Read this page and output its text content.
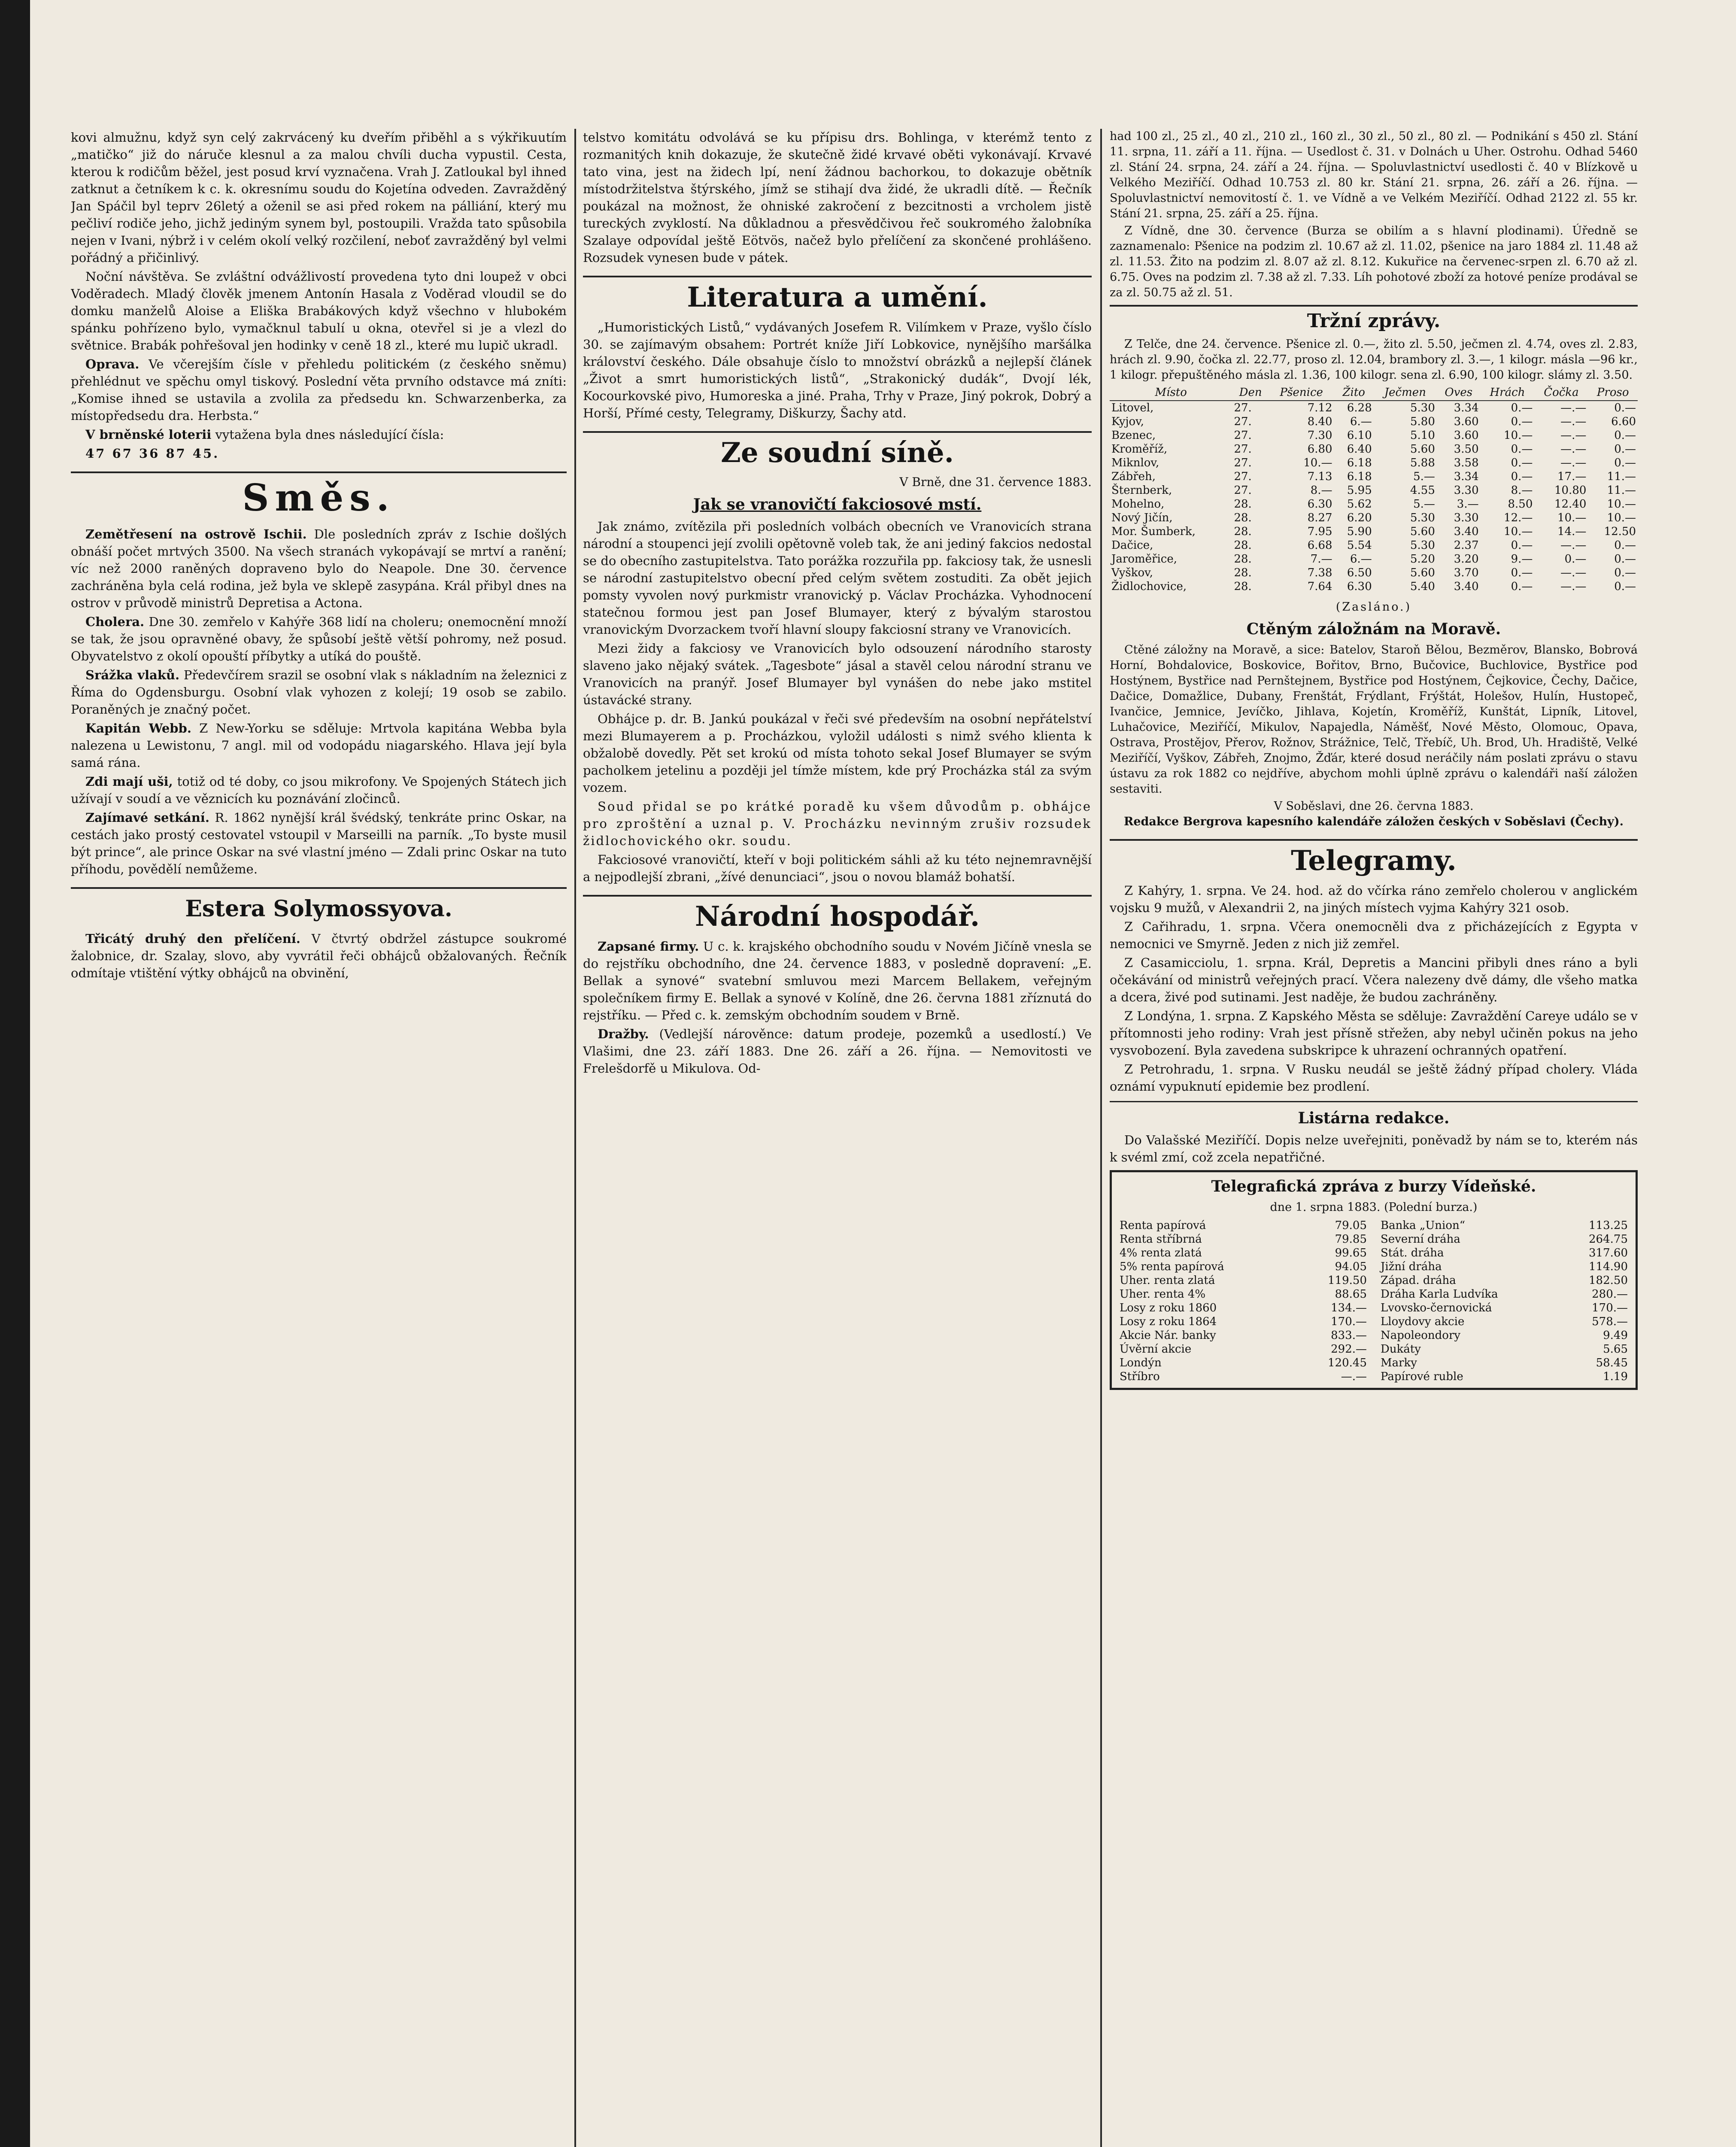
kovi almužnu, když syn celý zakrvácený ku dveřím přiběhl a s výkřikuutím „matičko“ již do náruče klesnul a za malou chvíli ducha vypustil. Cesta, kterou k rodičům běžel, jest posud krví vyznačena. Vrah J. Zatloukal byl ihned zatknut a četníkem k c. k. okresnímu soudu do Kojetína odveden. Zavražděný Jan Spáčil byl teprv 26letý a oženil se asi před rokem na pálliání, který mu pečliví rodiče jeho, jichž jediným synem byl, postoupili. Vražda tato spůsobila nejen v Ivani, nýbrž i v celém okolí velký rozčilení, neboť zavražděný byl velmi pořádný a přičinlivý.

Noční návštěva. Se zvláštní odvážlivostí provedena tyto dni loupež v obci Voděradech. Mladý člověk jmenem Antonín Hasala z Voděrad vloudil se do domku manželů Aloise a Eliška Brabákových když všechno v hlubokém spánku pohřízeno bylo, vymačknul tabulí u okna, otevřel si je a vlezl do světnice. Brabák pohřešoval jen hodinky v ceně 18 zl., které mu lupič ukradl.

Oprava. Ve včerejším čísle v přehledu politickém (z českého sněmu) přehlédnut ve spěchu omyl tiskový. Poslední věta prvního odstavce má zníti: „Komise ihned se ustavila a zvolila za předsedu kn. Schwarzenberka, za místopředsedu dra. Herbsta.“

V brněnské loterii vytažena byla dnes následující čísla:

47 67 36 87 45.

Směs.

Zemětřesení na ostrově Ischii. Dle posledních zpráv z Ischie došlých obnáší počet mrtvých 3500. Na všech stranách vykopávají se mrtví a ranění; víc než 2000 raněných dopraveno bylo do Neapole. Dne 30. července zachráněna byla celá rodina, jež byla ve sklepě zasypána. Král přibyl dnes na ostrov v průvodě ministrů Depretisa a Actona.

Cholera. Dne 30. zemřelo v Kahýře 368 lidí na choleru; onemocnění množí se tak, že jsou opravněné obavy, že spůsobí ještě větší pohromy, než posud. Obyvatelstvo z okolí opouští příbytky a utíká do pouště.

Srážka vlaků. Předevčírem srazil se osobní vlak s nákladním na železnici z Říma do Ogdensburgu. Osobní vlak vyhozen z kolejí; 19 osob se zabilo. Poraněných je značný počet.

Kapitán Webb. Z New-Yorku se sděluje: Mrtvola kapitána Webba byla nalezena u Lewistonu, 7 angl. mil od vodopádu niagarského. Hlava její byla samá rána.

Zdi mají uši, totiž od té doby, co jsou mikrofony. Ve Spojených Státech jich užívají v soudí a ve věznicích ku poznávání zločinců.

Zajímavé setkání. R. 1862 nynější král švédský, tenkráte princ Oskar, na cestách jako prostý cestovatel vstoupil v Marseilli na parník. „To byste musil být prince“, ale prince Oskar na své vlastní jméno — Zdali princ Oskar na tuto příhodu, povědělí nemůžeme.

Estera Solymossyova.

Třicátý druhý den přelíčení. V čtvrtý obdržel zástupce soukromé žalobnice, dr. Szalay, slovo, aby vyvrátil řeči obhájců obžalovaných. Řečník odmítaje vtištění výtky obhájců na obvinění,

telstvo komitátu odvolává se ku přípisu drs. Bohlinga, v kterémž tento z rozmanitých knih dokazuje, že skutečně židé krvavé oběti vykonávají. Krvavé tato vina, jest na židech lpí, není žádnou bachorkou, to dokazuje obětník místodržitelstva štýrského, jímž se stihají dva židé, že ukradli dítě. — Řečník poukázal na možnost, že ohniské zakročení z bezcitnosti a vrcholem jistě tureckých zvyklostí. Na důkladnou a přesvědčivou řeč soukromého žalobníka Szalaye odpovídal ještě Eötvös, načež bylo přelíčení za skončené prohlášeno. Rozsudek vynesen bude v pátek.

Literatura a umění.

„Humoristických Listů,“ vydávaných Josefem R. Vilímkem v Praze, vyšlo číslo 30. se zajímavým obsahem: Portrét kníže Jiří Lobkovice, nynějšího maršálka království českého. Dále obsahuje číslo to množství obrázků a nejlepší článek „Život a smrt humoristických listů“, „Strakonický dudák“, Dvojí lék, Kocourkovské pivo, Humoreska a jiné. Praha, Trhy v Praze, Jiný pokrok, Dobrý a Horší, Přímé cesty, Telegramy, Diškurzy, Šachy atd.

Ze soudní síně.
V Brně, dne 31. července 1883.
Jak se vranovičtí fakciosové mstí.

Jak známo, zvítězila při posledních volbách obecních ve Vranovicích strana národní a stoupenci její zvolili opětovně voleb tak, že ani jediný fakcios nedostal se do obecního zastupitelstva. Tato porážka rozzuřila pp. fakciosy tak, že usnesli se národní zastupitelstvo obecní před celým světem zostuditi. Za obět jejich pomsty vyvolen nový purkmistr vranovický p. Václav Procházka. Vyhodnocení statečnou formou jest pan Josef Blumayer, který z bývalým starostou vranovickým Dvorzackem tvoří hlavní sloupy fakciosní strany ve Vranovicích.

Mezi židy a fakciosy ve Vranovicích bylo odsouzení národního starosty slaveno jako nějaký svátek. „Tagesbote“ jásal a stavěl celou národní stranu ve Vranovicích na pranýř. Josef Blumayer byl vynášen do nebe jako mstitel ústavácké strany.

Obhájce p. dr. B. Jankú poukázal v řeči své především na osobní nepřátelství mezi Blumayerem a p. Procházkou, vyložil události s nimž svého klienta k obžalobě dovedly. Pět set krokú od místa tohoto sekal Josef Blumayer se svým pacholkem jetelinu a později jel tímže místem, kde prý Procházka stál za svým vozem.

Soud přidal se po krátké poradě ku všem důvodům p. obhájce pro zproštění a uznal p. V. Procházku nevinným zrušiv rozsudek židlochovického okr. soudu.

Fakciosové vranovičtí, kteří v boji politickém sáhli až ku této nejnemravnější a nejpodlejší zbrani, „žívé denunciaci“, jsou o novou blamáž bohatší.

Národní hospodář.

Zapsané firmy. U c. k. krajského obchodního soudu v Novém Jičíně vnesla se do rejstříku obchodního, dne 24. července 1883, v posledně dopravení: „E. Bellak a synové“ svatební smluvou mezi Marcem Bellakem, veřejným společníkem firmy E. Bellak a synové v Kolíně, dne 26. června 1881 zříznutá do rejstříku. — Před c. k. zemským obchodním soudem v Brně.

Dražby. (Vedlejší nárověnce: datum prodeje, pozemků a usedlostí.) Ve Vlašimi, dne 23. září 1883. Dne 26. září a 26. října. — Nemovitosti ve Frelešdorfě u Mikulova. Od-

had 100 zl., 25 zl., 40 zl., 210 zl., 160 zl., 30 zl., 50 zl., 80 zl. — Podnikání s 450 zl. Stání 11. srpna, 11. září a 11. října. — Usedlost č. 31. v Dolnách u Uher. Ostrohu. Odhad 5460 zl. Stání 24. srpna, 24. září a 24. října. — Spoluvlastnictví usedlosti č. 40 v Blízkově u Velkého Meziříčí. Odhad 10.753 zl. 80 kr. Stání 21. srpna, 26. září a 26. října. — Spoluvlastnictví nemovitostí č. 1. ve Vídně a ve Velkém Meziříčí. Odhad 2122 zl. 55 kr. Stání 21. srpna, 25. září a 25. října.

Z Vídně, dne 30. července (Burza se obilím a s hlavní plodinami). Úředně se zaznamenalo: Pšenice na podzim zl. 10.67 až zl. 11.02, pšenice na jaro 1884 zl. 11.48 až zl. 11.53. Žito na podzim zl. 8.07 až zl. 8.12. Kukuřice na červenec-srpen zl. 6.70 až zl. 6.75. Oves na podzim zl. 7.38 až zl. 7.33. Líh pohotové zboží za hotové peníze prodával se za zl. 50.75 až zl. 51.

Tržní zprávy.

Z Telče, dne 24. července. Pšenice zl. 0.—, žito zl. 5.50, ječmen zl. 4.74, oves zl. 2.83, hrách zl. 9.90, čočka zl. 22.77, proso zl. 12.04, brambory zl. 3.—, 1 kilogr. másla —96 kr., 1 kilogr. přepuštěného másla zl. 1.36, 100 kilogr. sena zl. 6.90, 100 kilogr. slámy zl. 3.50.

Místo	Den	Pšenice	Žito	Ječmen	Oves	Hrách	Čočka	Proso
Litovel,	27.	7.12	6.28	5.30	3.34	0.—	—.—	0.—
Kyjov,	27.	8.40	6.—	5.80	3.60	0.—	—.—	6.60
Bzenec,	27.	7.30	6.10	5.10	3.60	10.—	—.—	0.—
Kroměříž,	27.	6.80	6.40	5.60	3.50	0.—	—.—	0.—
Miknlov,	27.	10.—	6.18	5.88	3.58	0.—	—.—	0.—
Zábřeh,	27.	7.13	6.18	5.—	3.34	0.—	17.—	11.—
Šternberk,	27.	8.—	5.95	4.55	3.30	8.—	10.80	11.—
Mohelno,	28.	6.30	5.62	5.—	3.—	8.50	12.40	10.—
Nový Jičín,	28.	8.27	6.20	5.30	3.30	12.—	10.—	10.—
Mor. Šumberk,	28.	7.95	5.90	5.60	3.40	10.—	14.—	12.50
Dačice,	28.	6.68	5.54	5.30	2.37	0.—	—.—	0.—
Jaroměřice,	28.	7.—	6.—	5.20	3.20	9.—	0.—	0.—
Vyškov,	28.	7.38	6.50	5.60	3.70	0.—	—.—	0.—
Židlochovice,	28.	7.64	6.30	5.40	3.40	0.—	—.—	0.—
(Zasláno.)
Ctěným záložnám na Moravě.

Ctěné záložny na Moravě, a sice: Batelov, Staroň Bělou, Bezměrov, Blansko, Bobrová Horní, Bohdalovice, Boskovice, Bořitov, Brno, Bučovice, Buchlovice, Bystřice pod Hostýnem, Bystřice nad Pernštejnem, Bystřice pod Hostýnem, Čejkovice, Čechy, Dačice, Dačice, Domažlice, Dubany, Frenštát, Frýdlant, Frýštát, Holešov, Hulín, Hustopeč, Ivančice, Jemnice, Jevíčko, Jihlava, Kojetín, Kroměříž, Kunštát, Lipník, Litovel, Luhačovice, Meziříčí, Mikulov, Napajedla, Náměšť, Nové Město, Olomouc, Opava, Ostrava, Prostějov, Přerov, Rožnov, Strážnice, Telč, Třebíč, Uh. Brod, Uh. Hradiště, Velké Meziříčí, Vyškov, Zábřeh, Znojmo, Žďár, které dosud neráčily nám poslati zprávu o stavu ústavu za rok 1882 co nejdříve, abychom mohli úplně zprávu o kalendáři naší záložen sestaviti.

V Soběslavi, dne 26. června 1883.
Redakce Bergrova kapesního kalendáře záložen českých v Soběslavi (Čechy).
Telegramy.

Z Kahýry, 1. srpna. Ve 24. hod. až do včírka ráno zemřelo cholerou v anglickém vojsku 9 mužů, v Alexandrii 2, na jiných místech vyjma Kahýry 321 osob.

Z Cařihradu, 1. srpna. Včera onemocněli dva z přicházejících z Egypta v nemocnici ve Smyrně. Jeden z nich již zemřel.

Z Casamicciolu, 1. srpna. Král, Depretis a Mancini přibyli dnes ráno a byli očekávání od ministrů veřejných prací. Včera nalezeny dvě dámy, dle všeho matka a dcera, živé pod sutinami. Jest naděje, že budou zachráněny.

Z Londýna, 1. srpna. Z Kapského Města se sděluje: Zavraždění Careye událo se v přítomnosti jeho rodiny: Vrah jest přísně střežen, aby nebyl učiněn pokus na jeho vysvobození. Byla zavedena subskripce k uhrazení ochranných opatření.

Z Petrohradu, 1. srpna. V Rusku neudál se ještě žádný případ cholery. Vláda oznámí vypuknutí epidemie bez prodlení.

Listárna redakce.

Do Valašské Meziříčí. Dopis nelze uveřejniti, poněvadž by nám se to, kterém nás k svéml zmí, což zcela nepatřičné.

Telegrafická zpráva z burzy Vídeňské.
dne 1. srpna 1883. (Polední burza.)
Renta papírová	79.05
Renta stříbrná	79.85
4% renta zlatá	99.65
5% renta papírová	94.05
Uher. renta zlatá	119.50
Uher. renta 4%	88.65
Losy z roku 1860	134.—
Losy z roku 1864	170.—
Akcie Nár. banky	833.—
Úvěrní akcie	292.—
Londýn	120.45
Stříbro	—.—
Banka „Union“	113.25
Severní dráha	264.75
Stát. dráha	317.60
Jižní dráha	114.90
Západ. dráha	182.50
Dráha Karla Ludvíka	280.—
Lvovsko-černovická	170.—
Lloydovy akcie	578.—
Napoleondory	9.49
Dukáty	5.65
Marky	58.45
Papírové ruble	1.19
